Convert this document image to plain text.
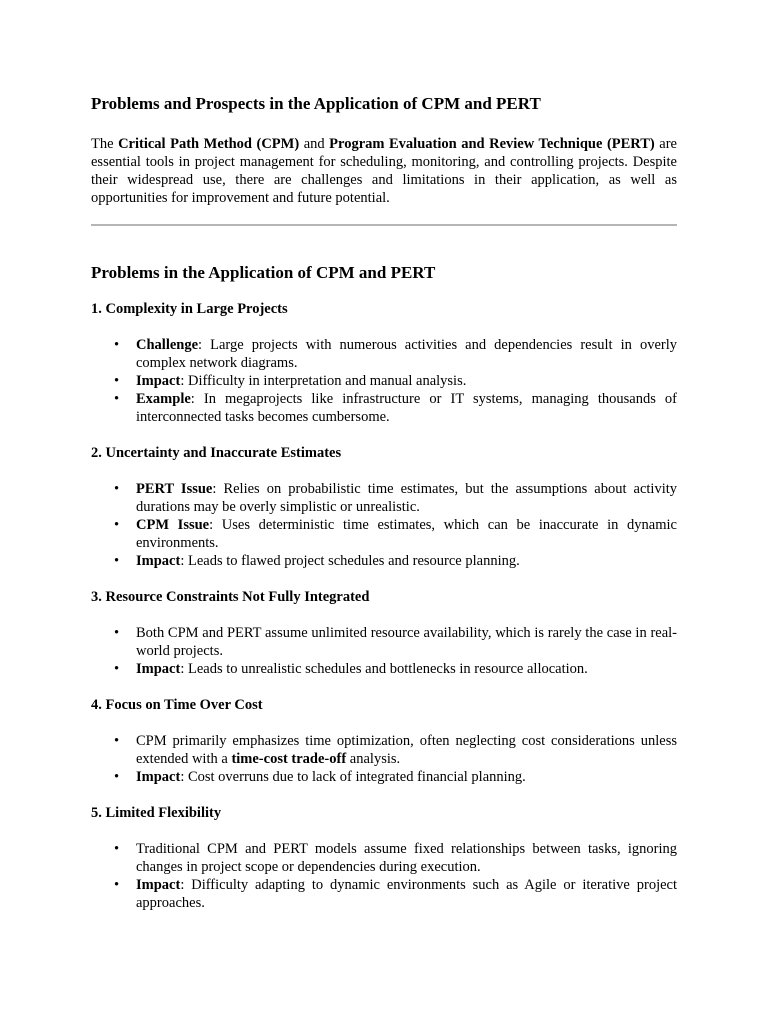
Problems and Prospects in the Application of CPM and PERT

The Critical Path Method (CPM) and Program Evaluation and Review Technique (PERT) are essential tools in project management for scheduling, monitoring, and controlling projects. Despite their widespread use, there are challenges and limitations in their application, as well as opportunities for improvement and future potential.

Problems in the Application of CPM and PERT
1. Complexity in Large Projects
• Challenge: Large projects with numerous activities and dependencies result in overly complex network diagrams.
• Impact: Difficulty in interpretation and manual analysis.
• Example: In megaprojects like infrastructure or IT systems, managing thousands of interconnected tasks becomes cumbersome.
2. Uncertainty and Inaccurate Estimates
• PERT Issue: Relies on probabilistic time estimates, but the assumptions about activity durations may be overly simplistic or unrealistic.
• CPM Issue: Uses deterministic time estimates, which can be inaccurate in dynamic environments.
• Impact: Leads to flawed project schedules and resource planning.
3. Resource Constraints Not Fully Integrated
• Both CPM and PERT assume unlimited resource availability, which is rarely the case in real-world projects.
• Impact: Leads to unrealistic schedules and bottlenecks in resource allocation.
4. Focus on Time Over Cost
• CPM primarily emphasizes time optimization, often neglecting cost considerations unless extended with a time-cost trade-off analysis.
• Impact: Cost overruns due to lack of integrated financial planning.
5. Limited Flexibility
• Traditional CPM and PERT models assume fixed relationships between tasks, ignoring changes in project scope or dependencies during execution.
• Impact: Difficulty adapting to dynamic environments such as Agile or iterative project approaches.
